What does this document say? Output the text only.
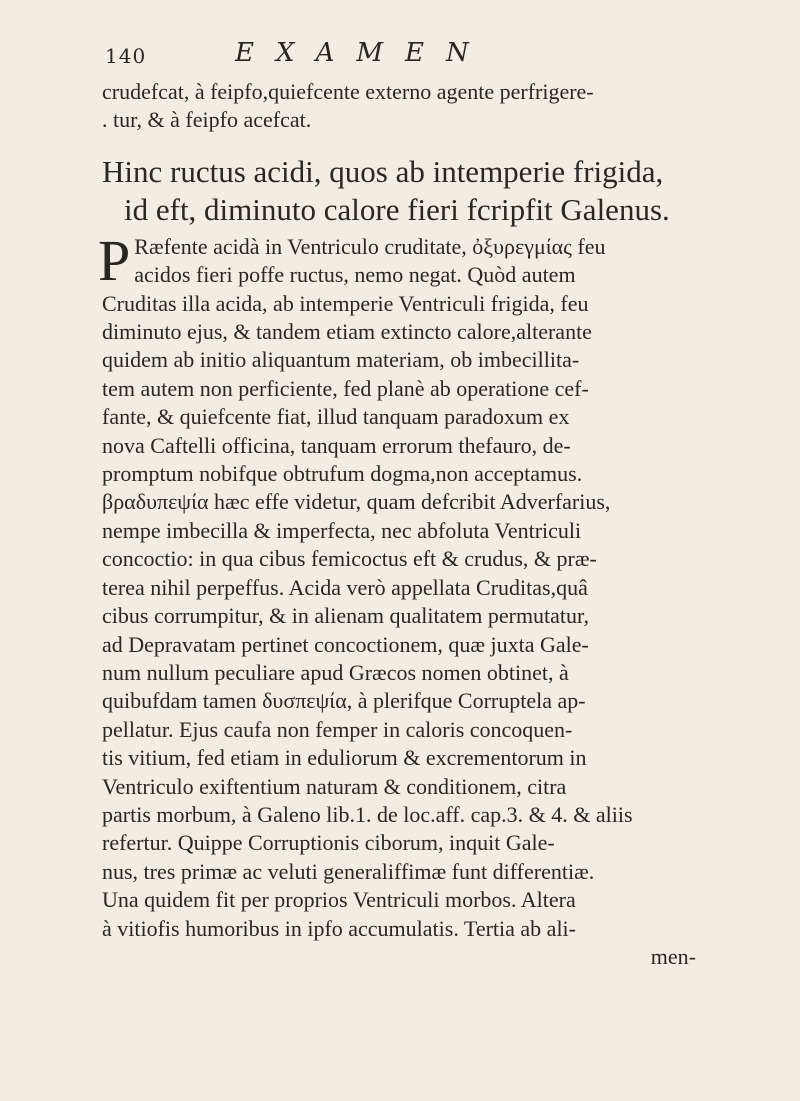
140	EXAMEN
crudefcat, à feipfo,quiefcente externo agente perfrigere-
. tur, & à feipfo acefcat.
Hinc ructus acidi, quos ab intemperie frigida,
id eft, diminuto calore fieri fcripfit Galenus.
P Ræfente acidà in Ventriculo cruditate, ὀξυρεγμίας feu
acidos fieri poffe ructus, nemo negat. Quòd autem
Cruditas illa acida, ab intemperie Ventriculi frigida, feu
diminuto ejus, & tandem etiam extincto calore,alterante
quidem ab initio aliquantum materiam, ob imbecillita-
tem autem non perficiente, fed planè ab operatione cef-
fante, & quiefcente fiat, illud tanquam paradoxum ex
nova Caftelli officina, tanquam errorum thefauro, de-
promptum nobifque obtrufum dogma,non acceptamus.
βραδυπεψία hæc effe videtur, quam defcribit Adverfarius,
nempe imbecilla & imperfecta, nec abfoluta Ventriculi
concoctio: in qua cibus femicoctus eft & crudus, & præ-
terea nihil perpeffus. Acida verò appellata Cruditas,quâ
cibus corrumpitur, & in alienam qualitatem permutatur,
ad Depravatam pertinet concoctionem, quæ juxta Gale-
num nullum peculiare apud Græcos nomen obtinet, à
quibufdam tamen δυσπεψία, à plerifque Corruptela ap-
pellatur. Ejus caufa non femper in caloris concoquen-
tis vitium, fed etiam in eduliorum & excrementorum in
Ventriculo exiftentium naturam & conditionem, citra
partis morbum, à Galeno lib.1. de loc.aff. cap.3. & 4. & aliis
refertur. Quippe Corruptionis ciborum, inquit Gale-
nus, tres primæ ac veluti generaliffimæ funt differentiæ.
Una quidem fit per proprios Ventriculi morbos. Altera
à vitiofis humoribus in ipfo accumulatis. Tertia ab ali-
men-
